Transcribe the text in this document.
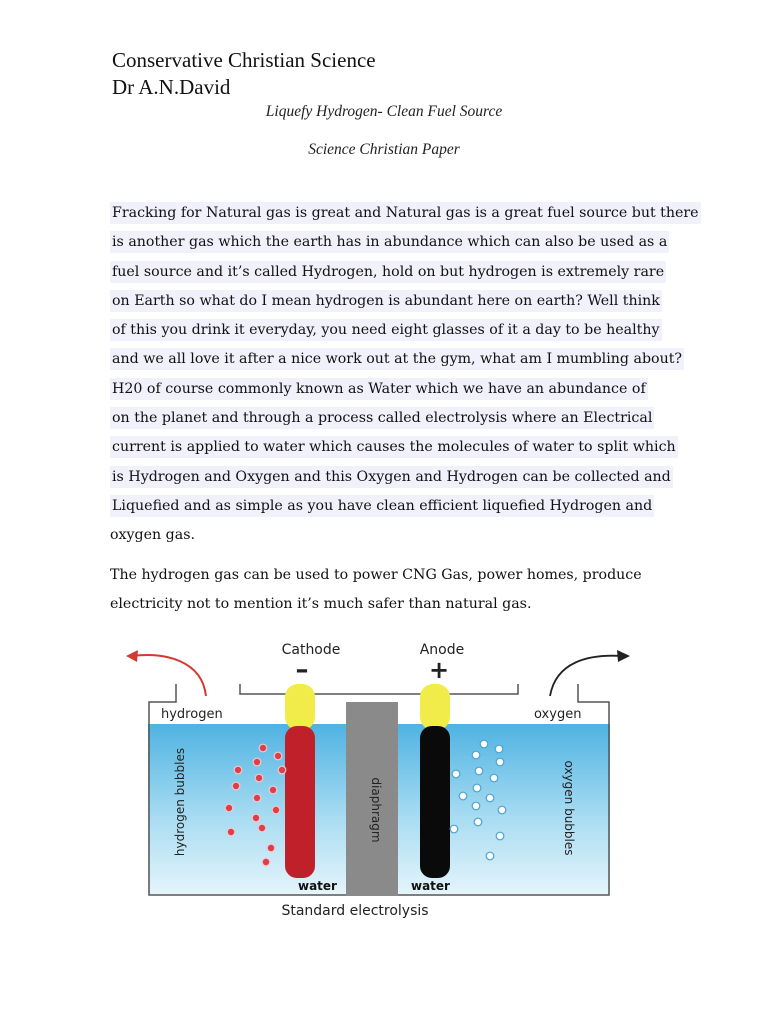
Conservative Christian Science
Dr A.N.David
Liquefy Hydrogen- Clean Fuel Source
Science Christian Paper
Fracking for Natural gas is great and Natural gas is a great fuel source but there
is another gas which the earth has in abundance which can also be used as a
fuel source and it’s called Hydrogen, hold on but hydrogen is extremely rare
on Earth so what do I mean hydrogen is abundant here on earth? Well think
of this you drink it everyday, you need eight glasses of it a day to be healthy
and we all love it after a nice work out at the gym, what am I mumbling about?
H20 of course commonly known as Water which we have an abundance of
on the planet and through a process called electrolysis where an Electrical
current is applied to water which causes the molecules of water to split which
is Hydrogen and Oxygen and this Oxygen and Hydrogen can be collected and
Liquefied and as simple as you have clean efficient liquefied Hydrogen and
oxygen gas.
The hydrogen gas can be used to power CNG Gas, power homes, produce
electricity not to mention it’s much safer than natural gas.
diaphragm
Cathode
–
Anode
+
hydrogen	oxygen
hydrogen bubbles	oxygen bubbles
water	water
Standard electrolysis
